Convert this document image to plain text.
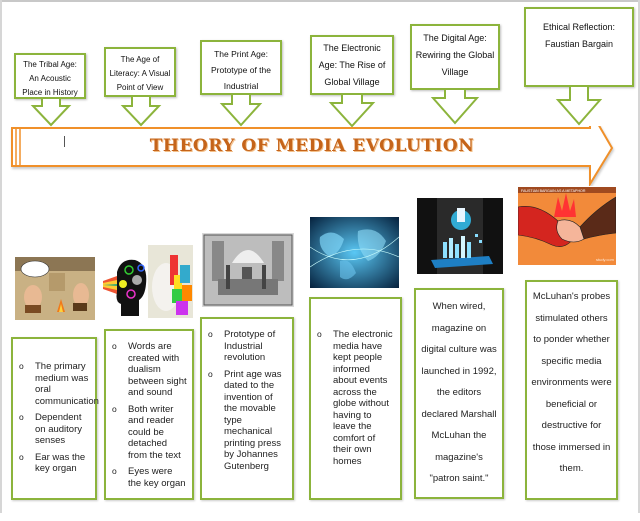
The Tribal Age: An Acoustic Place in History
The Age of Literacy: A Visual Point of View
The Print Age: Prototype of the Industrial
The Electronic Age: The Rise of Global Village
The Digital Age: Rewiring the Global Village
Ethical Reflection: Faustian Bargain
THEORY OF MEDIA EVOLUTION
FAUSTIAN BARGAIN AS A METAPHOR
study.com
o The primary medium was oral communication
o Dependent on auditory senses
o Ear was the key organ
o Words are created with dualism between sight and sound
o Both writer and reader could be detached from the text
o Eyes were the key organ
o Prototype of Industrial revolution
o Print age was dated to the invention of the movable type mechanical printing press by Johannes Gutenberg
o The electronic media have kept people informed about events across the globe without having to leave the comfort of their own homes

When wired, magazine on digital culture was launched in 1992, the editors declared Marshall McLuhan the magazine's "patron saint."

McLuhan's probes stimulated others to ponder whether specific media environments were beneficial or destructive for those immersed in them.
